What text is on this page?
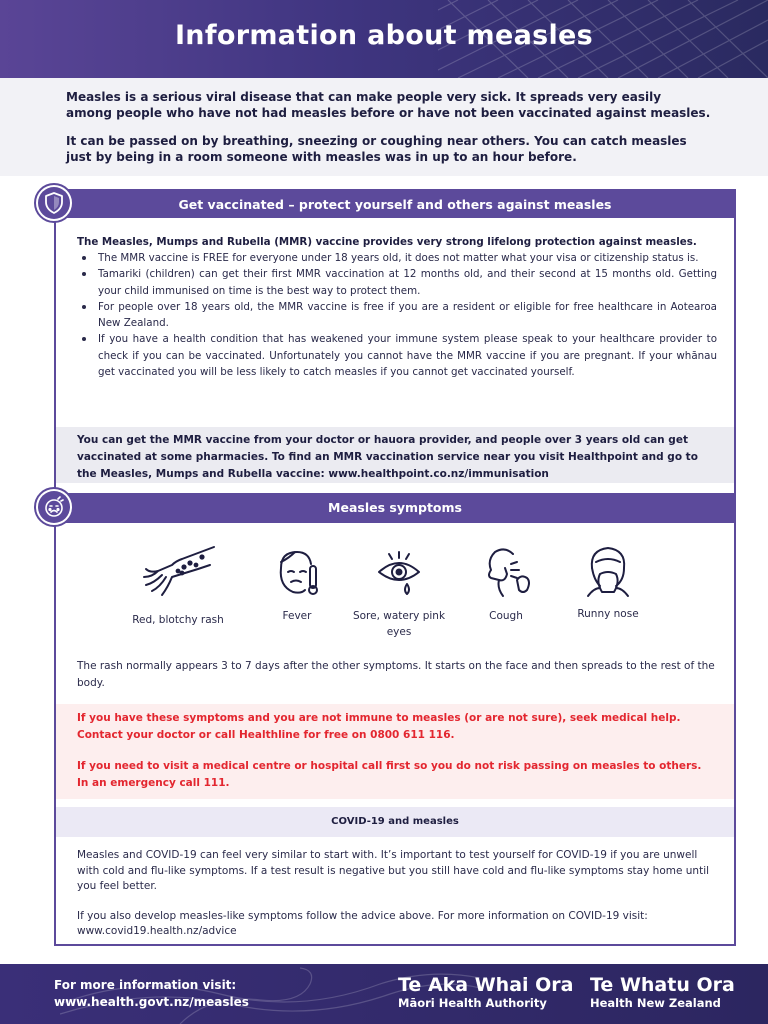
Information about measles

Measles is a serious viral disease that can make people very sick. It spreads very easily among people who have not had measles before or have not been vaccinated against measles.

It can be passed on by breathing, sneezing or coughing near others. You can catch measles just by being in a room someone with measles was in up to an hour before.

Get vaccinated – protect yourself and others against measles
The Measles, Mumps and Rubella (MMR) vaccine provides very strong lifelong protection against measles.
The MMR vaccine is FREE for everyone under 18 years old, it does not matter what your visa or citizenship status is.
Tamariki (children) can get their first MMR vaccination at 12 months old, and their second at 15 months old. Getting your child immunised on time is the best way to protect them.
For people over 18 years old, the MMR vaccine is free if you are a resident or eligible for free healthcare in Aotearoa New Zealand.
If you have a health condition that has weakened your immune system please speak to your healthcare provider to check if you can be vaccinated. Unfortunately you cannot have the MMR vaccine if you are pregnant. If your whānau get vaccinated you will be less likely to catch measles if you cannot get vaccinated yourself.
You can get the MMR vaccine from your doctor or hauora provider, and people over 3 years old can get vaccinated at some pharmacies. To find an MMR vaccination service near you visit Healthpoint and go to the Measles, Mumps and Rubella vaccine: www.healthpoint.co.nz/immunisation
Measles symptoms
Red, blotchy rash	Fever	Sore, watery pink eyes
Cough	Runny nose
The rash normally appears 3 to 7 days after the other symptoms. It starts on the face and then spreads to the rest of the body.

If you have these symptoms and you are not immune to measles (or are not sure), seek medical help. Contact your doctor or call Healthline for free on 0800 611 116.

If you need to visit a medical centre or hospital call first so you do not risk passing on measles to others. In an emergency call 111.

COVID-19 and measles

Measles and COVID-19 can feel very similar to start with. It’s important to test yourself for COVID-19 if you are unwell with cold and flu-like symptoms. If a test result is negative but you still have cold and flu-like symptoms stay home until you feel better.

If you also develop measles-like symptoms follow the advice above. For more information on COVID-19 visit: www.covid19.health.nz/advice

For more information visit:
www.health.govt.nz/measles
Te Aka Whai Ora
Māori Health Authority
Te Whatu Ora
Health New Zealand
